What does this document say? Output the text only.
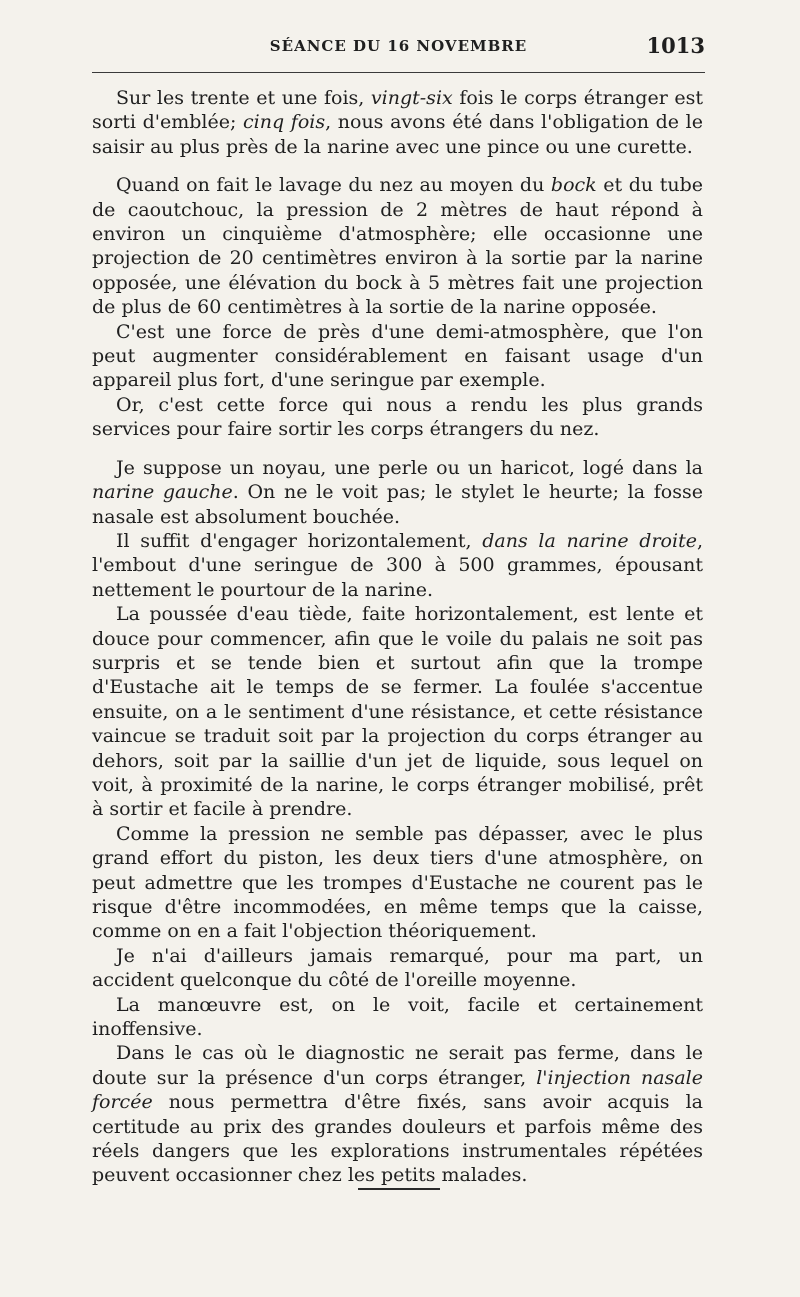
SÉANCE DU 16 NOVEMBRE	1013

Sur les trente et une fois, vingt-six fois le corps étranger est sorti d'emblée; cinq fois, nous avons été dans l'obligation de le saisir au plus près de la narine avec une pince ou une curette.

Quand on fait le lavage du nez au moyen du bock et du tube de caoutchouc, la pression de 2 mètres de haut répond à environ un cinquième d'atmosphère; elle occasionne une projection de 20 centimètres environ à la sortie par la narine opposée, une élévation du bock à 5 mètres fait une projection de plus de 60 centimètres à la sortie de la narine opposée.

C'est une force de près d'une demi-atmosphère, que l'on peut augmenter considérablement en faisant usage d'un appareil plus fort, d'une seringue par exemple.

Or, c'est cette force qui nous a rendu les plus grands services pour faire sortir les corps étrangers du nez.

Je suppose un noyau, une perle ou un haricot, logé dans la narine gauche. On ne le voit pas; le stylet le heurte; la fosse nasale est absolument bouchée.

Il suffit d'engager horizontalement, dans la narine droite, l'embout d'une seringue de 300 à 500 grammes, épousant nettement le pourtour de la narine.

La poussée d'eau tiède, faite horizontalement, est lente et douce pour commencer, afin que le voile du palais ne soit pas surpris et se tende bien et surtout afin que la trompe d'Eustache ait le temps de se fermer. La foulée s'accentue ensuite, on a le sentiment d'une résistance, et cette résistance vaincue se traduit soit par la projection du corps étranger au dehors, soit par la saillie d'un jet de liquide, sous lequel on voit, à proximité de la narine, le corps étranger mobilisé, prêt à sortir et facile à prendre.

Comme la pression ne semble pas dépasser, avec le plus grand effort du piston, les deux tiers d'une atmosphère, on peut admettre que les trompes d'Eustache ne courent pas le risque d'être incommodées, en même temps que la caisse, comme on en a fait l'objection théoriquement.

Je n'ai d'ailleurs jamais remarqué, pour ma part, un accident quelconque du côté de l'oreille moyenne.

La manœuvre est, on le voit, facile et certainement inoffensive.

Dans le cas où le diagnostic ne serait pas ferme, dans le doute sur la présence d'un corps étranger, l'injection nasale forcée nous permettra d'être fixés, sans avoir acquis la certitude au prix des grandes douleurs et parfois même des réels dangers que les explorations instrumentales répétées peuvent occasionner chez les petits malades.
